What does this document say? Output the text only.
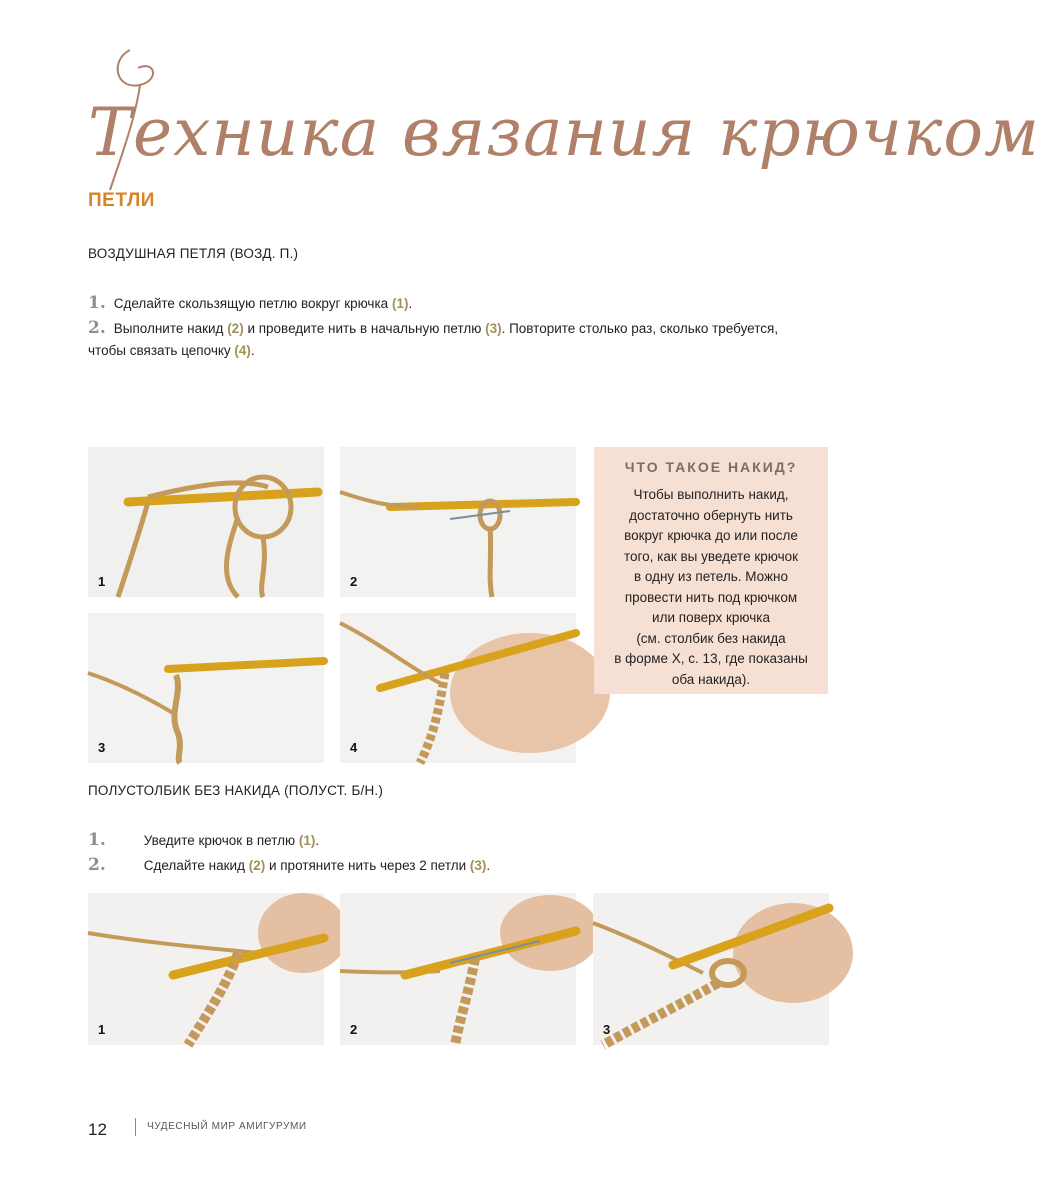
Техника вязания крючком
ПЕТЛИ
ВОЗДУШНАЯ ПЕТЛЯ (ВОЗД. П.)
1. Сделайте скользящую петлю вокруг крючка (1).
2. Выполните накид (2) и проведите нить в начальную петлю (3). Повторите столько раз, сколько требуется,
чтобы связать цепочку (4).
1	2
3	4
ЧТО ТАКОЕ НАКИД?
Чтобы выполнить накид,
достаточно обернуть нить
вокруг крючка до или после
того, как вы уведете крючок
в одну из петель. Можно
провести нить под крючком
или поверх крючка
(см. столбик без накида
в форме X, с. 13, где показаны
оба накида).
ПОЛУСТОЛБИК БЕЗ НАКИДА (ПОЛУСТ. Б/Н.)
1.	Уведите крючок в петлю (1).
2.	Сделайте накид (2) и протяните нить через 2 петли (3).
1	2	3
12	ЧУДЕСНЫЙ МИР АМИГУРУМИ
